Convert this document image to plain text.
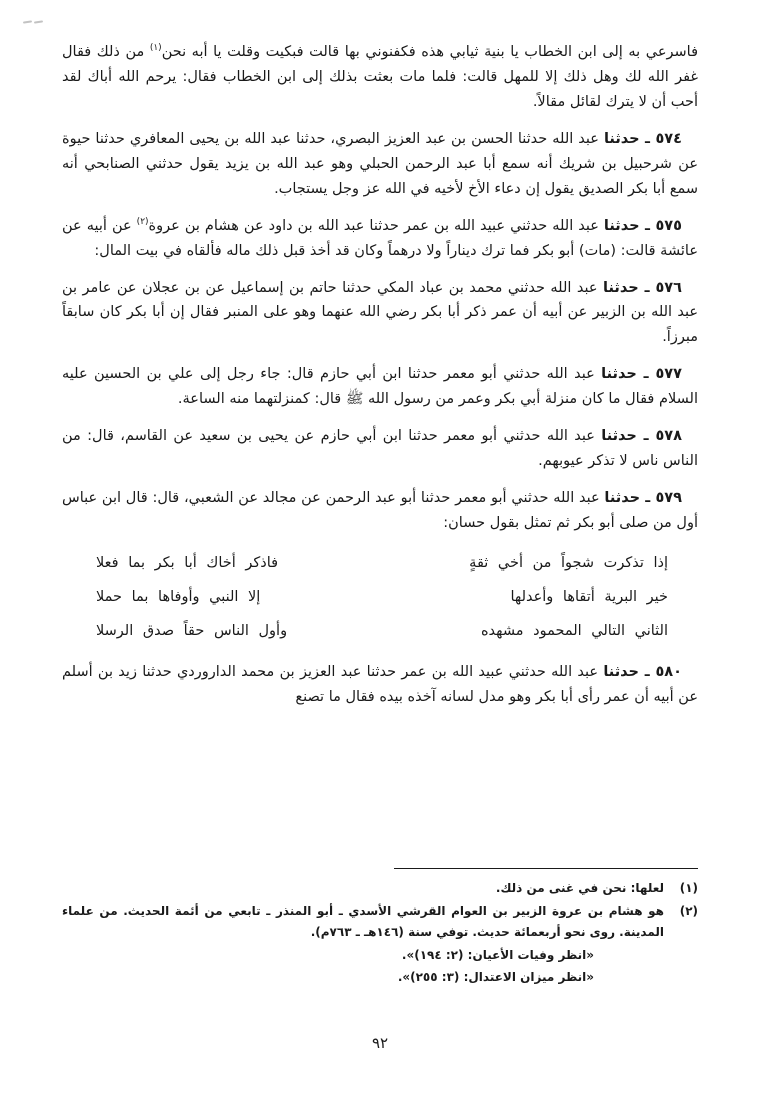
فاسرعي به إلى ابن الخطاب يا بنية ثيابي هذه فكفنوني بها قالت فبكيت وقلت يا أبه نحن$^{(١)}$ من ذلك فقال غفر الله لك وهل ذلك إلا للمهل قالت: فلما مات بعثت بذلك إلى ابن الخطاب فقال: يرحم الله أباك لقد أحب أن لا يترك لقائل مقالاً.

٥٧٤ ـ حدثنا عبد الله حدثنا الحسن بن عبد العزيز البصري، حدثنا عبد الله بن يحيى المعافري حدثنا حيوة عن شرحبيل بن شريك أنه سمع أبا عبد الرحمن الحبلي وهو عبد الله بن يزيد يقول حدثني الصنابحي أنه سمع أبا بكر الصديق يقول إن دعاء الأخ لأخيه في الله عز وجل يستجاب.

٥٧٥ ـ حدثنا عبد الله حدثني عبيد الله بن عمر حدثنا عبد الله بن داود عن هشام بن عروة$^{(٢)}$ عن أبيه عن عائشة قالت: (مات) أبو بكر فما ترك ديناراً ولا درهماً وكان قد أخذ قبل ذلك ماله فألقاه في بيت المال:

٥٧٦ ـ حدثنا عبد الله حدثني محمد بن عباد المكي حدثنا حاتم بن إسماعيل عن بن عجلان عن عامر بن عبد الله بن الزبير عن أبيه أن عمر ذكر أبا بكر رضي الله عنهما وهو على المنبر فقال إن أبا بكر كان سابقاً مبرزاً.

٥٧٧ ـ حدثنا عبد الله حدثني أبو معمر حدثنا ابن أبي حازم قال: جاء رجل إلى علي بن الحسين عليه السلام فقال ما كان منزلة أبي بكر وعمر من رسول الله ﷺ قال: كمنزلتهما منه الساعة.

٥٧٨ ـ حدثنا عبد الله حدثني أبو معمر حدثنا ابن أبي حازم عن يحيى بن سعيد عن القاسم، قال: من الناس ناس لا تذكر عيوبهم.

٥٧٩ ـ حدثنا عبد الله حدثني أبو معمر حدثنا أبو عبد الرحمن عن مجالد عن الشعبي، قال: قال ابن عباس أول من صلى أبو بكر ثم تمثل بقول حسان:

إذا تذكرت شجواً من أخي ثقةٍ
فاذكر أخاك أبا بكر بما فعلا
خير البرية أتقاها وأعدلها
إلا النبي وأوفاها بما حملا
الثاني التالي المحمود مشهده
وأول الناس حقاً صدق الرسلا

٥٨٠ ـ حدثنا عبد الله حدثني عبيد الله بن عمر حدثنا عبد العزيز بن محمد الداروردي حدثنا زيد بن أسلم عن أبيه أن عمر رأى أبا بكر وهو مدل لسانه آخذه بيده فقال ما تصنع

(١)
لعلها: نحن في غنى من ذلك.
(٢)
هو هشام بن عروة الزبير بن العوام القرشي الأسدي ـ أبو المنذر ـ تابعي من أئمة الحديث. من علماء المدينة. روى نحو أربعمائة حديث. توفي سنة (١٤٦هـ ـ ٧٦٣م).
«انظر وفيات الأعيان: (٢: ١٩٤)».
«انظر ميزان الاعتدال: (٣: ٢٥٥)».
٩٢
